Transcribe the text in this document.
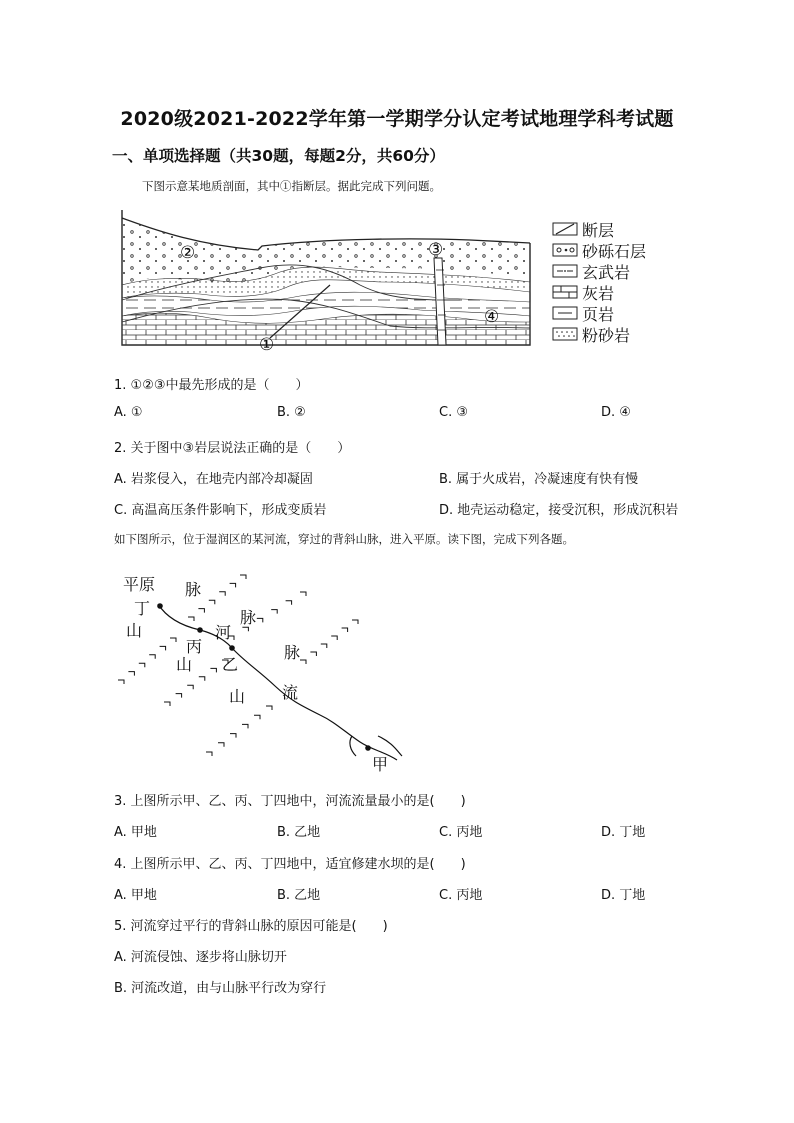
2020级2021-2022学年第一学期学分认定考试地理学科考试题
一、单项选择题（共30题，每题2分，共60分）
下图示意某地质剖面，其中①指断层。据此完成下列问题。
②	③
④
①
断层
砂砾石层
玄武岩
灰岩
页岩
粉砂岩
1. ①②③中最先形成的是（　　）
A. ①	B. ②	C. ③	D. ④
2. 关于图中③岩层说法正确的是（　　）
A. 岩浆侵入，在地壳内部冷却凝固	B. 属于火成岩，冷凝速度有快有慢
C. 高温高压条件影响下，形成变质岩	D. 地壳运动稳定，接受沉积，形成沉积岩
如下图所示，位于湿润区的某河流，穿过的背斜山脉，进入平原。读下图，完成下列各题。
平原
丁
丙
乙
甲
山
山
山
脉
脉
脉
河
流
3. 上图所示甲、乙、丙、丁四地中，河流流量最小的是(　　)
A. 甲地	B. 乙地	C. 丙地	D. 丁地
4. 上图所示甲、乙、丙、丁四地中，适宜修建水坝的是(　　)
A. 甲地	B. 乙地	C. 丙地	D. 丁地
5. 河流穿过平行的背斜山脉的原因可能是(　　)
A. 河流侵蚀、逐步将山脉切开
B. 河流改道，由与山脉平行改为穿行
